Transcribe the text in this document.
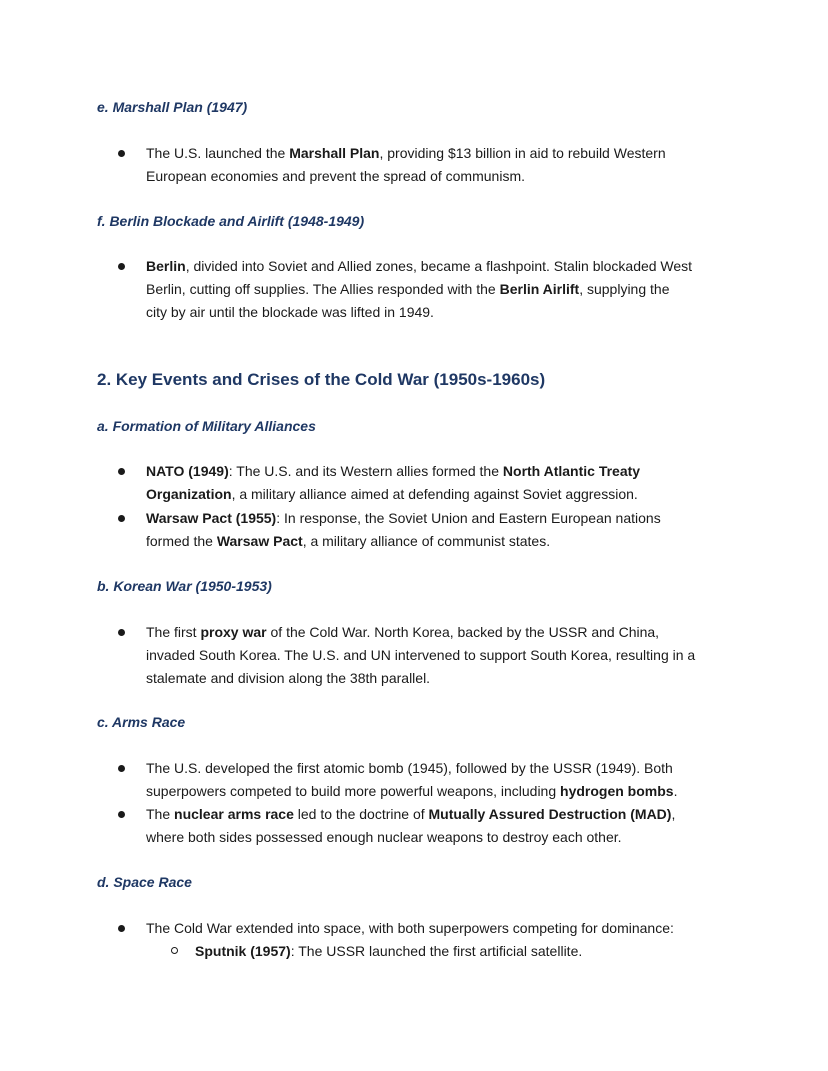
e. Marshall Plan (1947)

The U.S. launched the Marshall Plan, providing $13 billion in aid to rebuild Western
European economies and prevent the spread of communism.

f. Berlin Blockade and Airlift (1948-1949)

Berlin, divided into Soviet and Allied zones, became a flashpoint. Stalin blockaded West
Berlin, cutting off supplies. The Allies responded with the Berlin Airlift, supplying the
city by air until the blockade was lifted in 1949.

2. Key Events and Crises of the Cold War (1950s-1960s)
a. Formation of Military Alliances

NATO (1949): The U.S. and its Western allies formed the North Atlantic Treaty
Organization, a military alliance aimed at defending against Soviet aggression.

Warsaw Pact (1955): In response, the Soviet Union and Eastern European nations
formed the Warsaw Pact, a military alliance of communist states.

b. Korean War (1950-1953)

The first proxy war of the Cold War. North Korea, backed by the USSR and China,
invaded South Korea. The U.S. and UN intervened to support South Korea, resulting in a
stalemate and division along the 38th parallel.

c. Arms Race

The U.S. developed the first atomic bomb (1945), followed by the USSR (1949). Both
superpowers competed to build more powerful weapons, including hydrogen bombs.

The nuclear arms race led to the doctrine of Mutually Assured Destruction (MAD),
where both sides possessed enough nuclear weapons to destroy each other.

d. Space Race

The Cold War extended into space, with both superpowers competing for dominance:

Sputnik (1957): The USSR launched the first artificial satellite.
